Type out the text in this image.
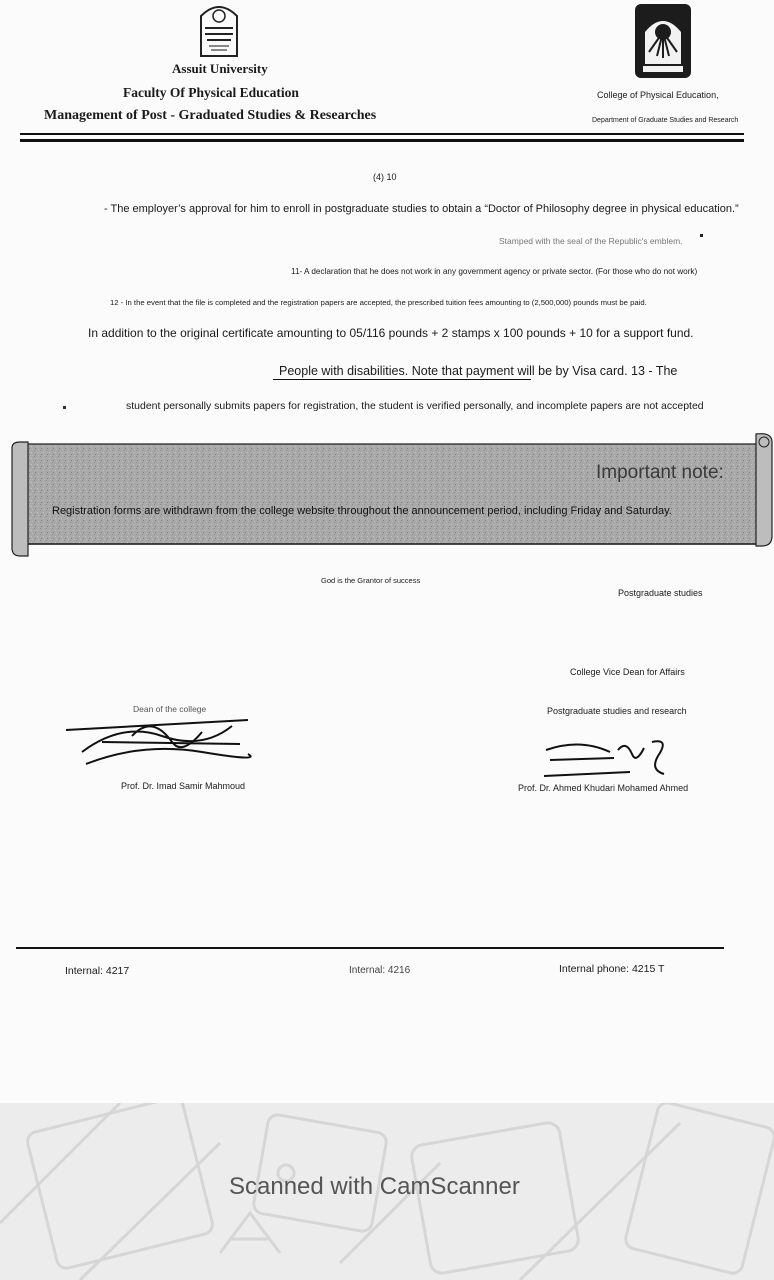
Assuit University
Faculty Of Physical Education
Management of Post - Graduated Studies & Researches
College of Physical Education,
Department of Graduate Studies and Research
(4) 10
- The employer’s approval for him to enroll in postgraduate studies to obtain a “Doctor of Philosophy degree in physical education.”
Stamped with the seal of the Republic's emblem.
11- A declaration that he does not work in any government agency or private sector. (For those who do not work)
12 - In the event that the file is completed and the registration papers are accepted, the prescribed tuition fees amounting to (2,500,000) pounds must be paid.
In addition to the original certificate amounting to 05/116 pounds + 2 stamps x 100 pounds + 10 for a support fund.
People with disabilities. Note that payment will be by Visa card. 13 - The
student personally submits papers for registration, the student is verified personally, and incomplete papers are not accepted
Important note:
Registration forms are withdrawn from the college website throughout the announcement period, including Friday and Saturday.
God is the Grantor of success
Postgraduate studies
College Vice Dean for Affairs
Postgraduate studies and research
Dean of the college
Prof. Dr. Imad Samir Mahmoud	Prof. Dr. Ahmed Khudari Mohamed Ahmed
Internal: 4217	Internal: 4216	Internal phone: 4215 T
Scanned with CamScanner
